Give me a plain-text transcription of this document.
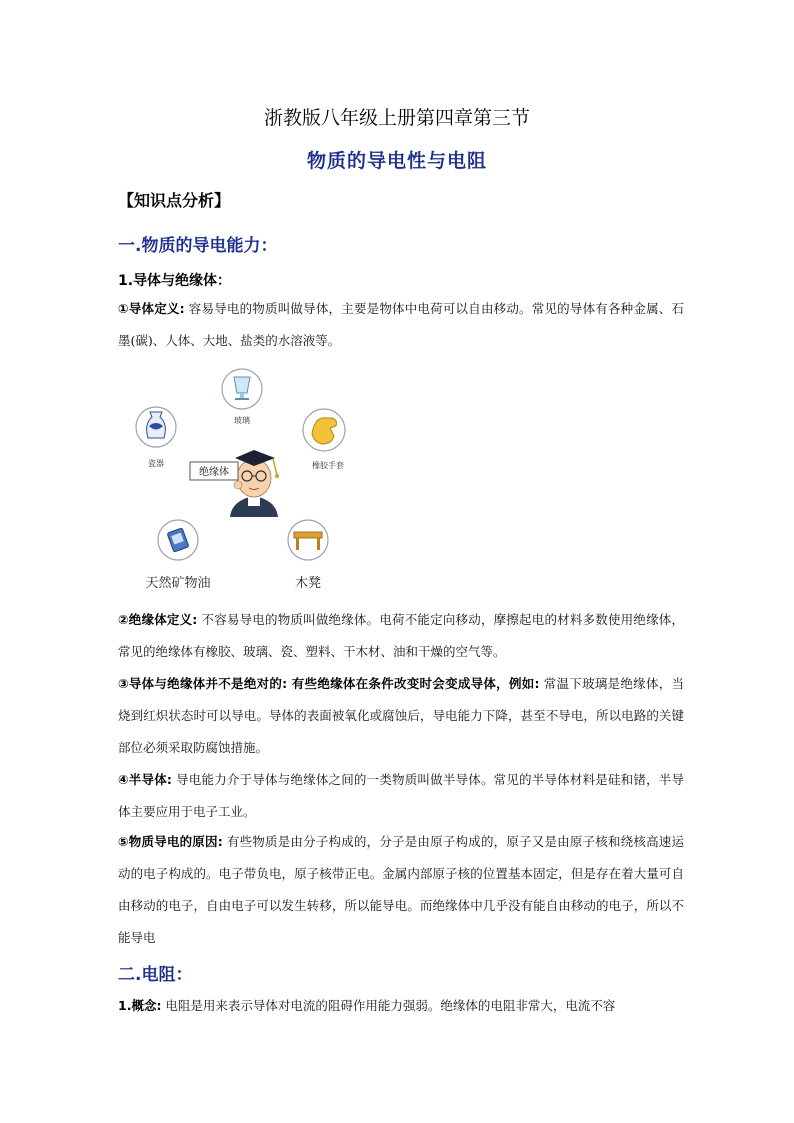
浙教版八年级上册第四章第三节
物质的导电性与电阻
【知识点分析】
一.物质的导电能力：
1.导体与绝缘体：
①导体定义: 容易导电的物质叫做导体，主要是物体中电荷可以自由移动。常见的导体有各种金属、石墨(碳)、人体、大地、盐类的水溶液等。
玻璃
瓷器	橡胶手套
绝缘体
天然矿物油	木凳
②绝缘体定义: 不容易导电的物质叫做绝缘体。电荷不能定向移动，摩擦起电的材料多数使用绝缘体，常见的绝缘体有橡胶、玻璃、瓷、塑料、干木材、油和干燥的空气等。
③导体与绝缘体并不是绝对的: 有些绝缘体在条件改变时会变成导体，例如: 常温下玻璃是绝缘体，当烧到红炽状态时可以导电。导体的表面被氧化或腐蚀后，导电能力下降，甚至不导电，所以电路的关键部位必须采取防腐蚀措施。
④半导体: 导电能力介于导体与绝缘体之间的一类物质叫做半导体。常见的半导体材料是硅和锗，半导体主要应用于电子工业。
⑤物质导电的原因: 有些物质是由分子构成的，分子是由原子构成的，原子又是由原子核和绕核高速运动的电子构成的。电子带负电，原子核带正电。金属内部原子核的位置基本固定，但是存在着大量可自由移动的电子，自由电子可以发生转移，所以能导电。而绝缘体中几乎没有能自由移动的电子，所以不能导电
二.电阻：
1.概念: 电阻是用来表示导体对电流的阻碍作用能力强弱。绝缘体的电阻非常大，电流不容
